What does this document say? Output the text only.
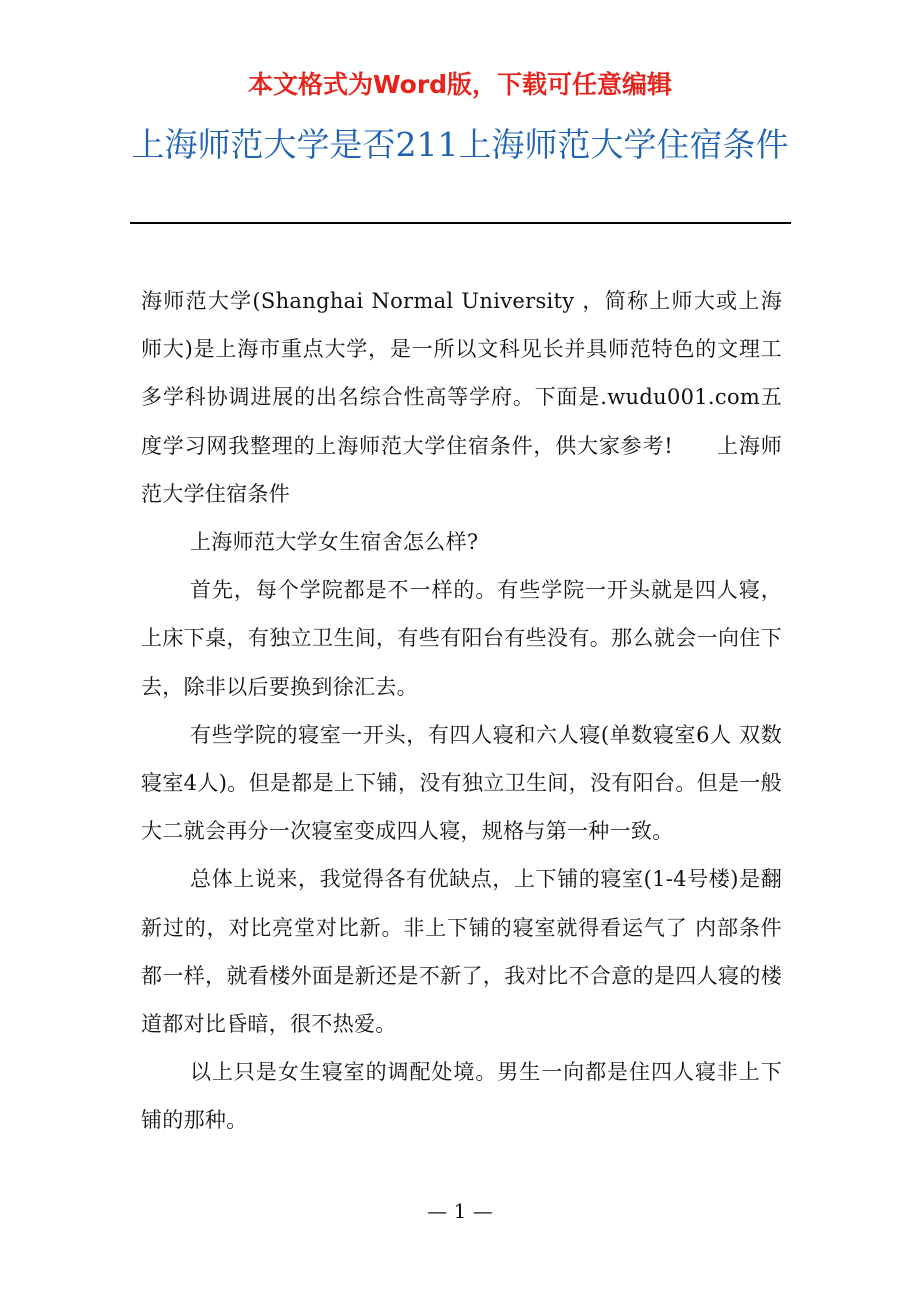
本文格式为Word版，下载可任意编辑
上海师范大学是否211上海师范大学住宿条件

海师范大学(Shanghai Normal University ，简称上师大或上海师大)是上海市重点大学，是一所以文科见长并具师范特色的文理工多学科协调进展的出名综合性高等学府。下面是.wudu001.com五度学习网我整理的上海师范大学住宿条件，供大家参考!　　上海师范大学住宿条件

上海师范大学女生宿舍怎么样?

首先，每个学院都是不一样的。有些学院一开头就是四人寝，上床下桌，有独立卫生间，有些有阳台有些没有。那么就会一向住下去，除非以后要换到徐汇去。

有些学院的寝室一开头，有四人寝和六人寝(单数寝室6人 双数寝室4人)。但是都是上下铺，没有独立卫生间，没有阳台。但是一般大二就会再分一次寝室变成四人寝，规格与第一种一致。

总体上说来，我觉得各有优缺点，上下铺的寝室(1-4号楼)是翻新过的，对比亮堂对比新。非上下铺的寝室就得看运气了 内部条件都一样，就看楼外面是新还是不新了，我对比不合意的是四人寝的楼道都对比昏暗，很不热爱。

以上只是女生寝室的调配处境。男生一向都是住四人寝非上下铺的那种。

— 1 —
